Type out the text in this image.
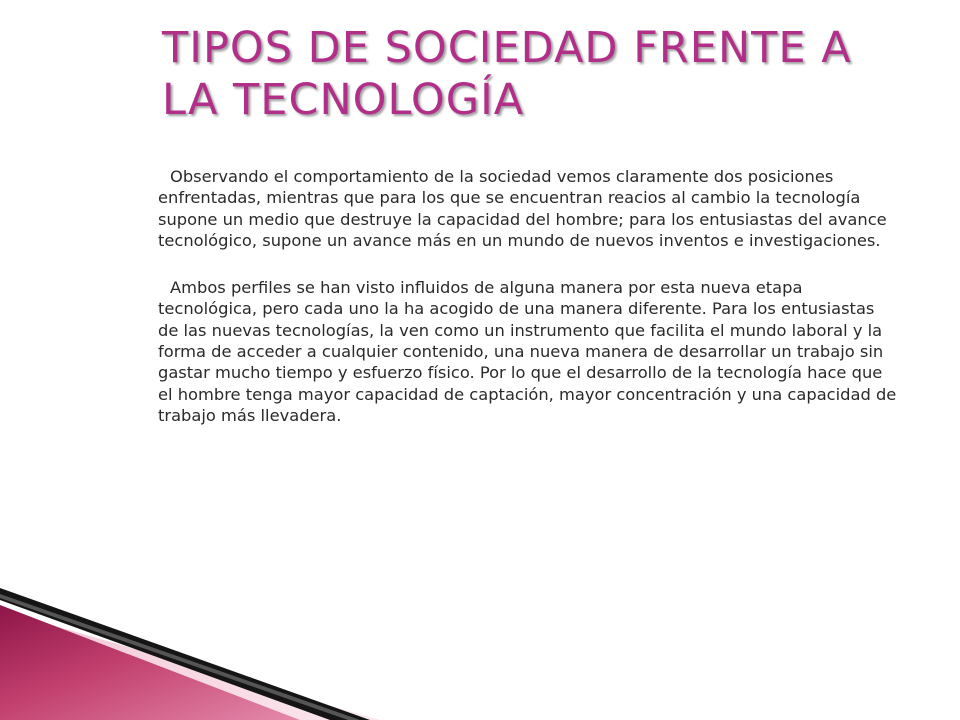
TIPOS DE SOCIEDAD FRENTE A LA TECNOLOGÍA

Observando el comportamiento de la sociedad vemos claramente dos posiciones enfrentadas, mientras que para los que se encuentran reacios al cambio la tecnología supone un medio que destruye la capacidad del hombre; para los entusiastas del avance tecnológico, supone un avance más en un mundo de nuevos inventos e investigaciones.

Ambos perfiles se han visto influidos de alguna manera por esta nueva etapa tecnológica, pero cada uno la ha acogido de una manera diferente. Para los entusiastas de las nuevas tecnologías, la ven como un instrumento que facilita el mundo laboral y la forma de acceder a cualquier contenido, una nueva manera de desarrollar un trabajo sin gastar mucho tiempo y esfuerzo físico. Por lo que el desarrollo de la tecnología hace que el hombre tenga mayor capacidad de captación, mayor concentración y una capacidad de trabajo más llevadera.
